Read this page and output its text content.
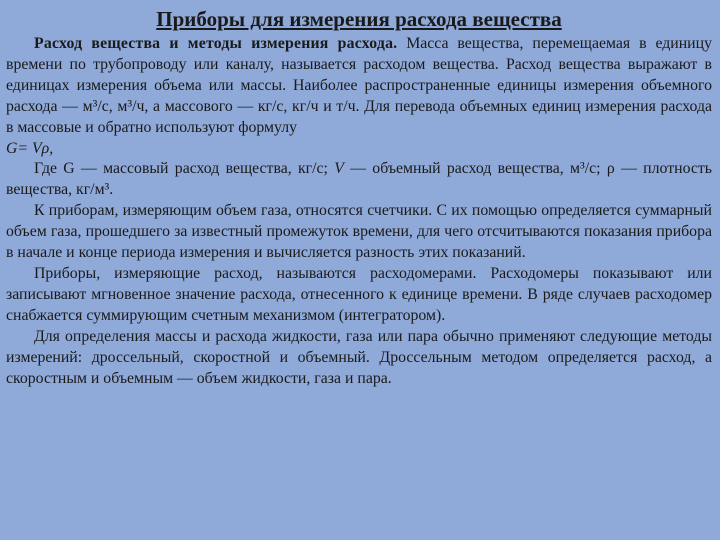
Приборы для измерения расхода вещества

Расход вещества и методы измерения расхода. Масса вещества, перемещаемая в единицу времени по трубопроводу или каналу, называется расходом вещества. Расход вещества выражают в единицах измерения объема или массы. Наиболее распространенные единицы измерения объемного расхода — м³/с, м³/ч, а массового — кг/с, кг/ч и т/ч. Для перевода объемных единиц измерения расхода в массовые и обратно используют формулу

G= Vρ,

Где G — массовый расход вещества, кг/с; V — объемный расход вещества, м³/с; ρ — плотность вещества, кг/м³.

К приборам, измеряющим объем газа, относятся счетчики. С их помощью определяется суммарный объем газа, прошедшего за известный промежуток времени, для чего отсчитываются показания прибора в начале и конце периода измерения и вычисляется разность этих показаний.

Приборы, измеряющие расход, называются расходомерами. Расходомеры показывают или записывают мгновенное значение расхода, отнесенного к единице времени. В ряде случаев расходомер снабжается суммирующим счетным механизмом (интегратором).

Для определения массы и расхода жидкости, газа или пара обычно применяют следующие методы измерений: дроссельный, скоростной и объемный. Дроссельным методом определяется расход, а скоростным и объемным — объем жидкости, газа и пара.
